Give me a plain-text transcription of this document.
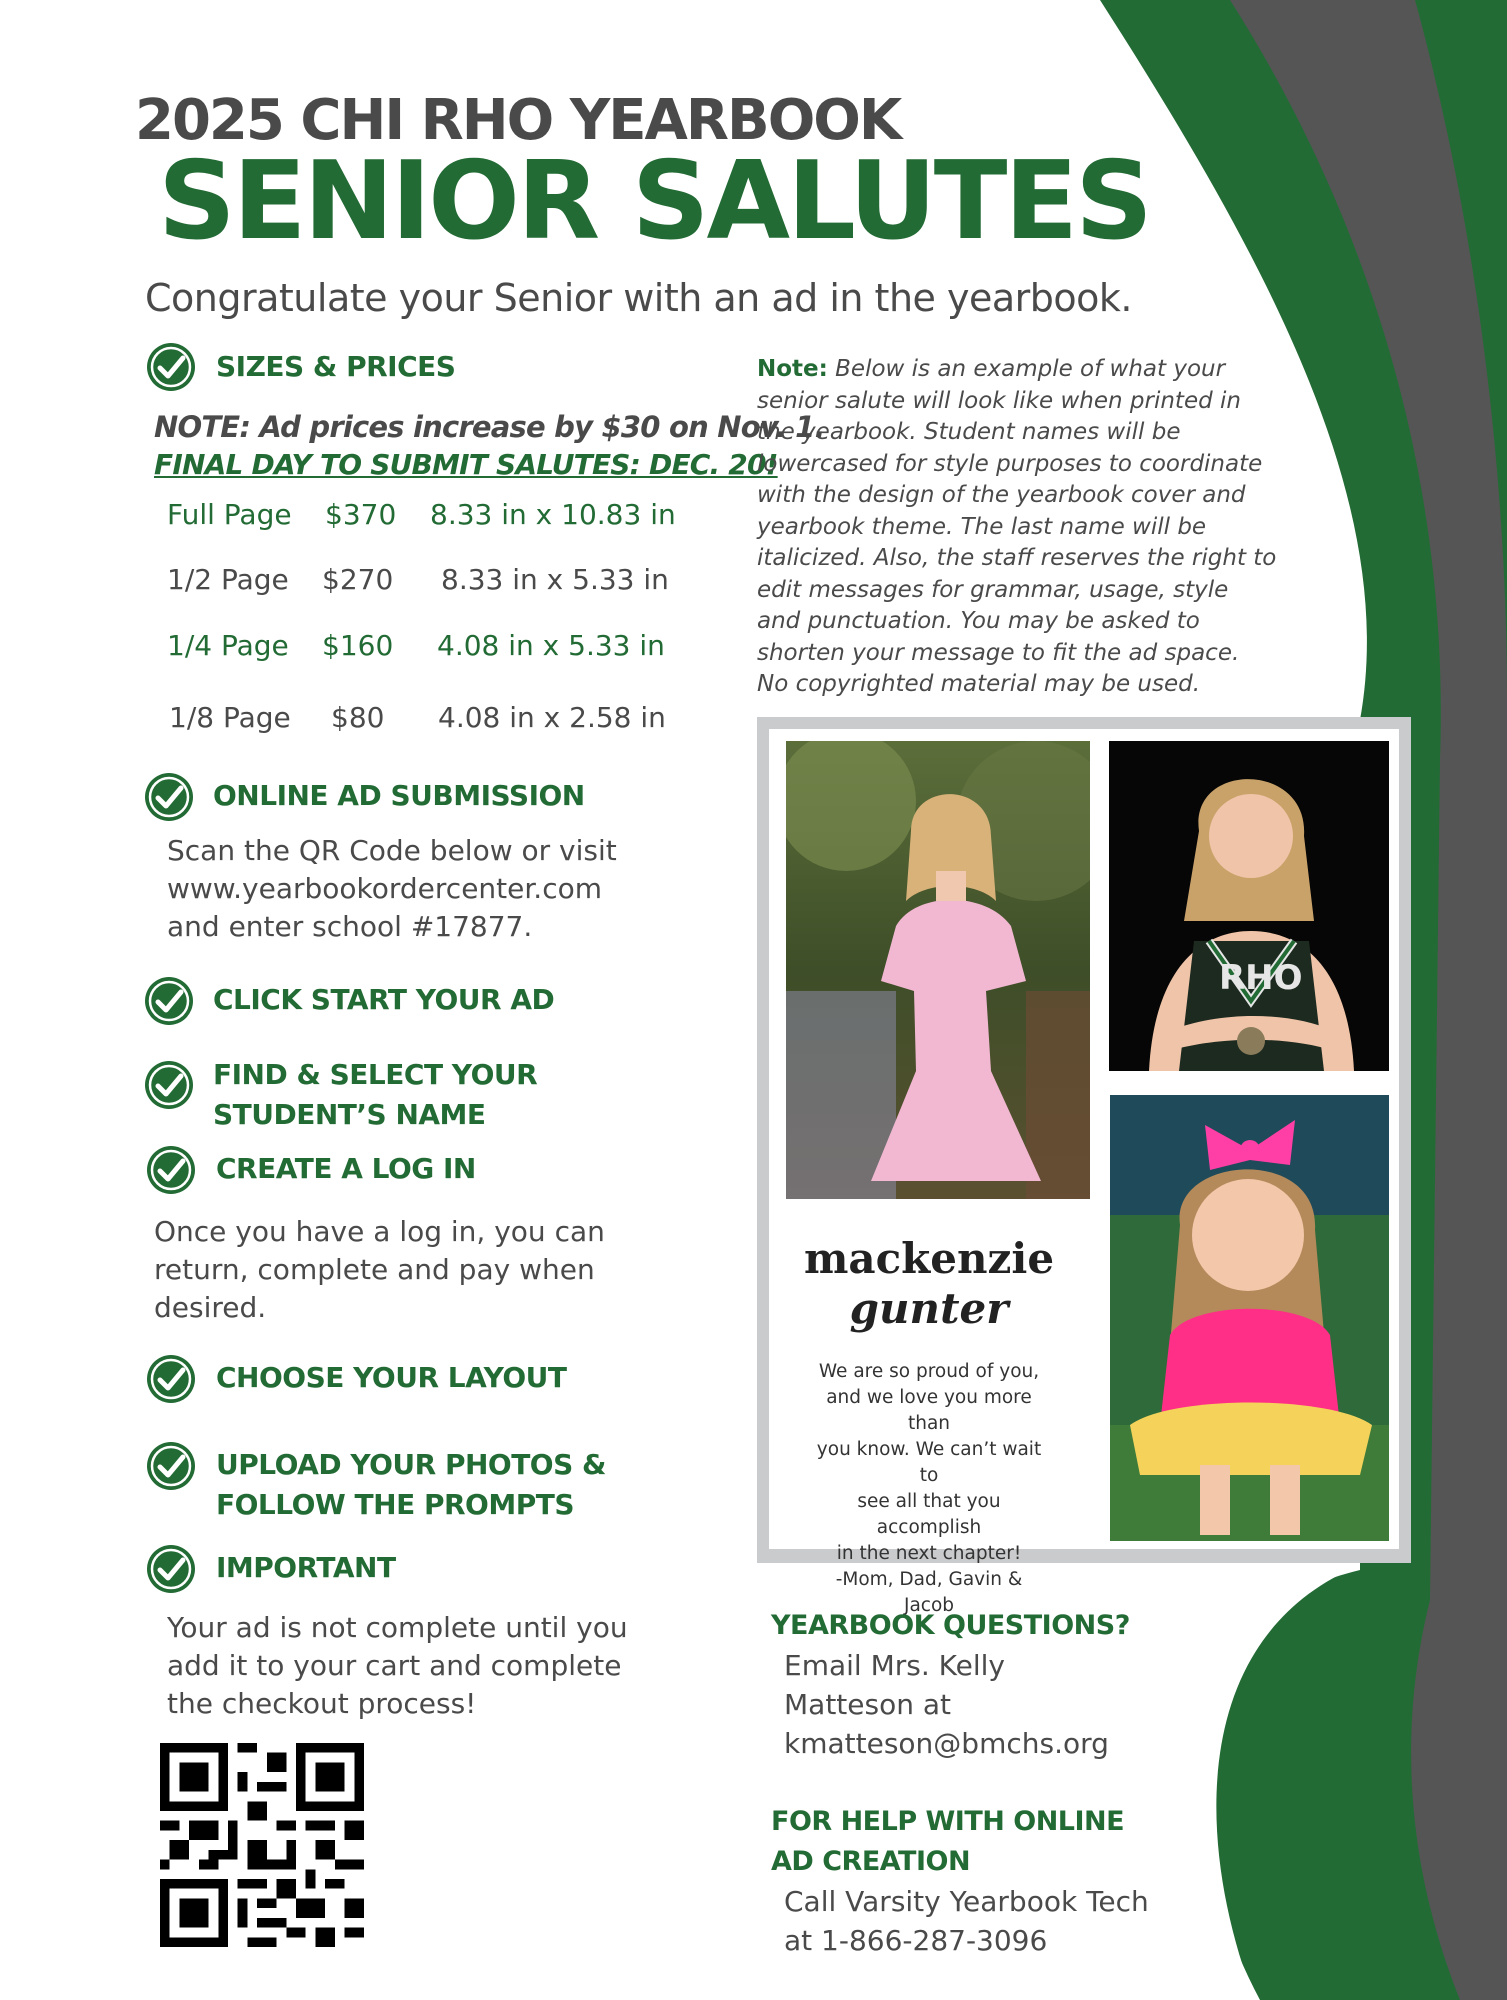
2025 CHI RHO YEARBOOK
SENIOR SALUTES
Congratulate your Senior with an ad in the yearbook.
SIZES & PRICES
NOTE: Ad prices increase by $30 on Nov. 1.
FINAL DAY TO SUBMIT SALUTES: DEC. 20!
Full Page $370 8.33 in x 10.83 in
1/2 Page $270 8.33 in x 5.33 in
1/4 Page $160 4.08 in x 5.33 in
1/8 Page $80 4.08 in x 2.58 in
ONLINE AD SUBMISSION
Scan the QR Code below or visit
www.yearbookordercenter.com
and enter school #17877.
CLICK START YOUR AD
FIND & SELECT YOUR
STUDENT’S NAME
CREATE A LOG IN
Once you have a log in, you can
return, complete and pay when
desired.
CHOOSE YOUR LAYOUT
UPLOAD YOUR PHOTOS &
FOLLOW THE PROMPTS
IMPORTANT
Your ad is not complete until you
add it to your cart and complete
the checkout process!
Note: Below is an example of what your senior salute will look like when printed in the yearbook. Student names will be lowercased for style purposes to coordinate with the design of the yearbook cover and yearbook theme. The last name will be italicized. Also, the staff reserves the right to edit messages for grammar, usage, style and punctuation. You may be asked to shorten your message to fit the ad space. No copyrighted material may be used.
RHO
mackenzie
gunter
We are so proud of you,
and we love you more than
you know. We can’t wait to
see all that you accomplish
in the next chapter!
-Mom, Dad, Gavin & Jacob
YEARBOOK QUESTIONS?
Email Mrs. Kelly
Matteson at
kmatteson@bmchs.org
FOR HELP WITH ONLINE
AD CREATION
Call Varsity Yearbook Tech
at 1-866-287-3096
